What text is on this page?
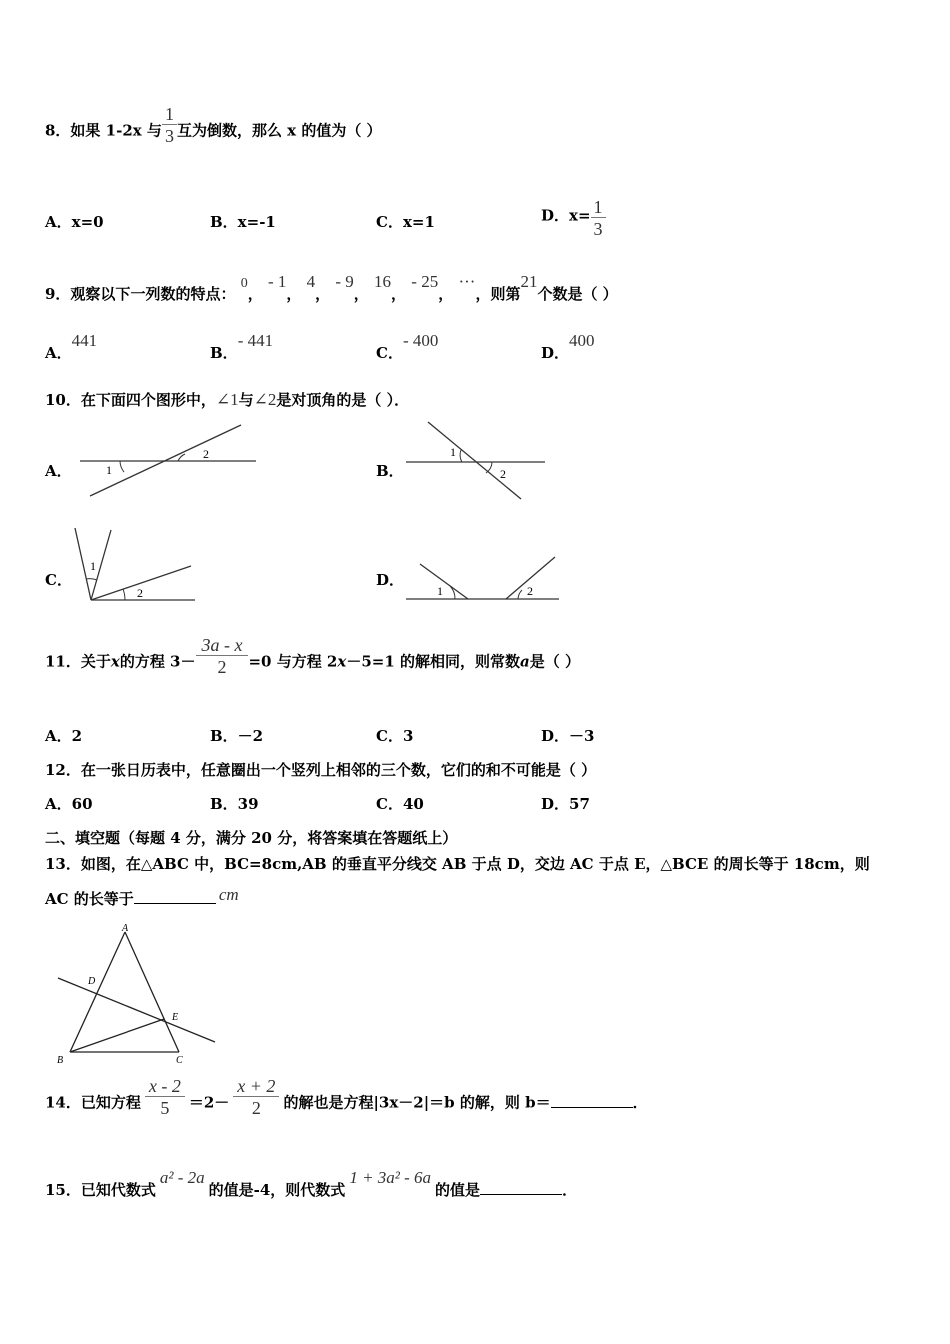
8．如果 1-2x 与 $\frac{1}{3}$ 互为倒数，那么 x 的值为（ ）
A．x=0	B．x=-1	C．x=1	D．$x= \frac{1}{3}$
9．观察以下一列数的特点： 0， - 1， 4， - 9， 16， - 25， ···，则第21个数是（ ）
A．441
B．- 441
C．- 400
D．400
10．在下面四个图形中，∠1与∠2是对顶角的是（ ）．
A．	1
2
B．
1
2
C．
1
2
D．
1	2
11．关于x的方程 $3- \frac{3a - x}{2} =0$ 与方程 2x－5=1 的解相同，则常数a是（ ）
A．2	B．－2	C．3	D．－3
12．在一张日历表中，任意圈出一个竖列上相邻的三个数，它们的和不可能是（ ）
A．60	B．39	C．40	D．57
二、填空题（每题 4 分，满分 20 分，将答案填在答题纸上）
13．如图，在△ABC 中，BC=8cm,AB 的垂直平分线交 AB 于点 D，交边 AC 于点 E，△BCE 的周长等于 18cm，则
AC 的长等于	cm
A
D
E
B	C
14．已知方程 $\frac{x - 2}{5} =2- \frac{x + 2}{2}$ 的解也是方程|3x－2|＝b 的解，则 b＝	．
15．已知代数式a² - 2a的值是-4，则代数式1 + 3a² - 6a的值是	．
